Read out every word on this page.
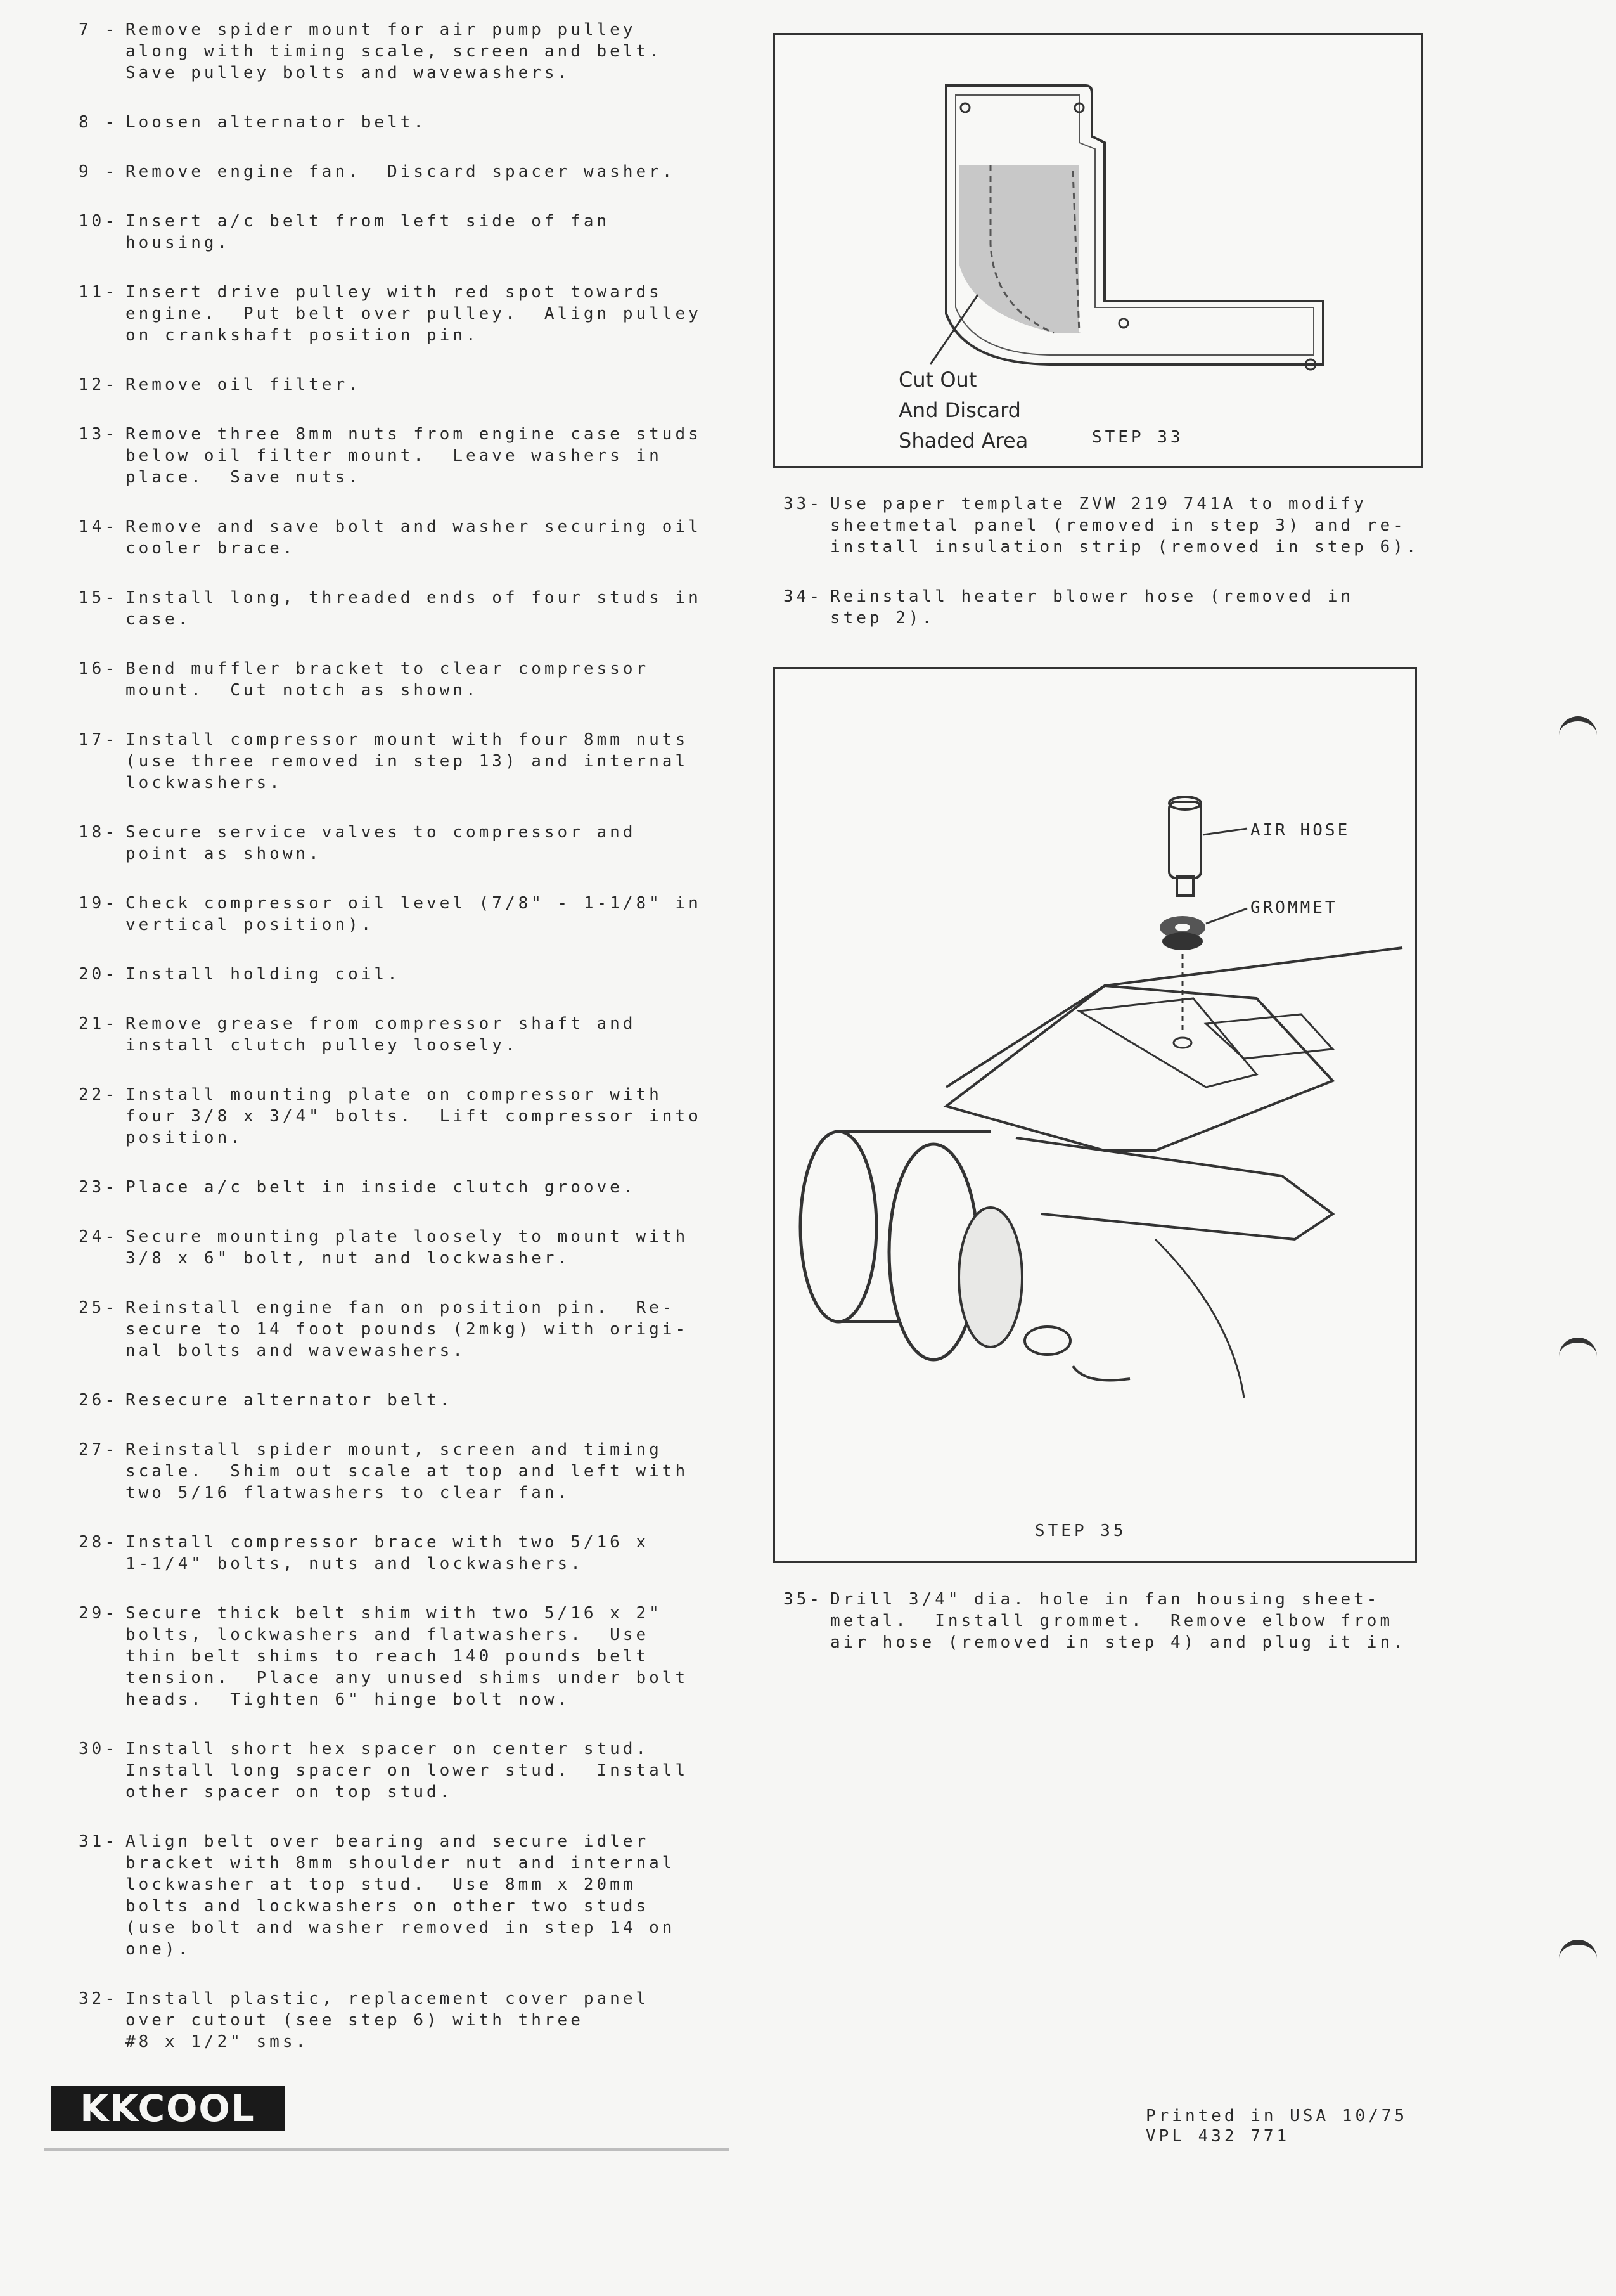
7 - Remove spider mount for air pump pulley
along with timing scale, screen and belt.
Save pulley bolts and wavewashers.
8 - Loosen alternator belt.
9 - Remove engine fan.  Discard spacer washer.
10- Insert a/c belt from left side of fan
housing.
11- Insert drive pulley with red spot towards
engine.  Put belt over pulley.  Align pulley
on crankshaft position pin.
12- Remove oil filter.
13- Remove three 8mm nuts from engine case studs
below oil filter mount.  Leave washers in
place.  Save nuts.
14- Remove and save bolt and washer securing oil
cooler brace.
15- Install long, threaded ends of four studs in
case.
16- Bend muffler bracket to clear compressor
mount.  Cut notch as shown.
17- Install compressor mount with four 8mm nuts
(use three removed in step 13) and internal
lockwashers.
18- Secure service valves to compressor and
point as shown.
19- Check compressor oil level (7/8" - 1-1/8" in
vertical position).
20- Install holding coil.
21- Remove grease from compressor shaft and
install clutch pulley loosely.
22- Install mounting plate on compressor with
four 3/8 x 3/4" bolts.  Lift compressor into
position.
23- Place a/c belt in inside clutch groove.
24- Secure mounting plate loosely to mount with
3/8 x 6" bolt, nut and lockwasher.
25- Reinstall engine fan on position pin.  Re-
secure to 14 foot pounds (2mkg) with origi-
nal bolts and wavewashers.
26- Resecure alternator belt.
27- Reinstall spider mount, screen and timing
scale.  Shim out scale at top and left with
two 5/16 flatwashers to clear fan.
28- Install compressor brace with two 5/16 x
1-1/4" bolts, nuts and lockwashers.
29- Secure thick belt shim with two 5/16 x 2"
bolts, lockwashers and flatwashers.  Use
thin belt shims to reach 140 pounds belt
tension.  Place any unused shims under bolt
heads.  Tighten 6" hinge bolt now.
30- Install short hex spacer on center stud.
Install long spacer on lower stud.  Install
other spacer on top stud.
31- Align belt over bearing and secure idler
bracket with 8mm shoulder nut and internal
lockwasher at top stud.  Use 8mm x 20mm
bolts and lockwashers on other two studs
(use bolt and washer removed in step 14 on
one).
32- Install plastic, replacement cover panel
over cutout (see step 6) with three
#8 x 1/2" sms.
Cut Out
And Discard
Shaded Area	STEP 33
33- Use paper template ZVW 219 741A to modify
sheetmetal panel (removed in step 3) and re-
install insulation strip (removed in step 6).
34- Reinstall heater blower hose (removed in
step 2).
AIR HOSE
GROMMET
STEP 35
35- Drill 3/4" dia. hole in fan housing sheet-
metal.  Install grommet.  Remove elbow from
air hose (removed in step 4) and plug it in.
KKCOOL	Printed in USA 10/75
VPL 432 771
